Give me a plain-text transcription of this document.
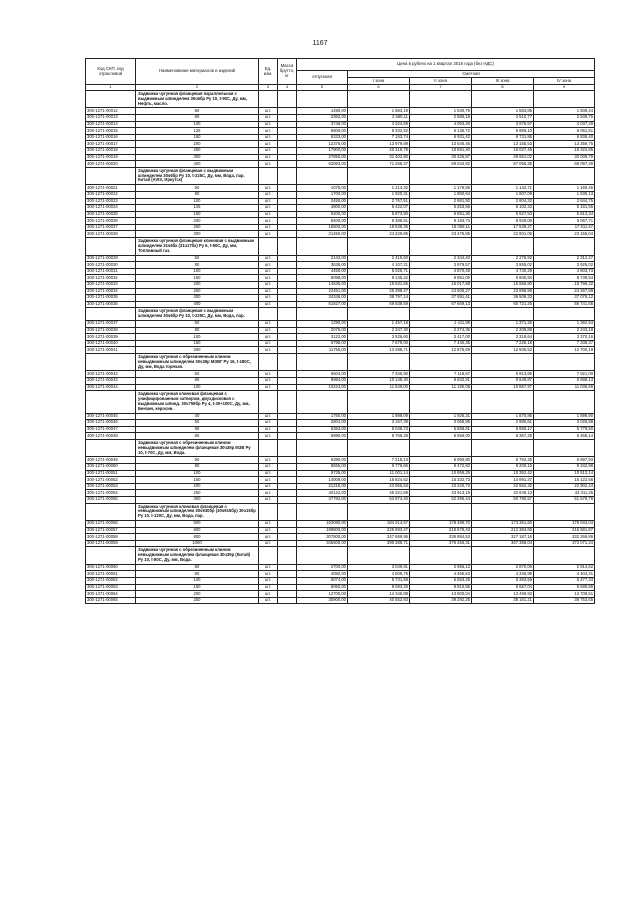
1167
Код СКП, код отраслевой	Наименование материалов и изделий	Ед. изм.	Масса брутто, кг	Цена в рублях на 1 квартал 2016 года (без НДС)				
				отпускная	Сметная			
					I зона	II зона	III зона	IV зона
1	2	3	4	5	6	7	8	9
	Задвижка чугунная фланцевая параллельная с выдвижным шпинделем 30ч6бр Ру 10, t-90С, Ду, мм, Нефть, масло.							
300-1271-00012	50	шт.		1490,00	1 683,19	1 630,79	1 583,85	1 608,44
300-1271-00013	80	шт.		2362,00	2 668,11	2 585,19	2 510,77	2 549,75
300-1271-00014	100	шт.		3746,00	4 224,69	4 093,40	3 975,57	4 037,29
300-1271-00015	125	шт.		5606,00	6 332,52	6 135,72	5 959,10	6 051,61
300-1271-00016	150	шт.		6333,00	7 153,74	6 931,42	6 731,86	6 836,40
300-1271-00017	200	шт.		12376,00	13 979,89	13 545,45	13 155,53	13 359,75
300-1271-00018	250	шт.		17900,00	20 219,79	19 591,40	19 027,45	19 322,85
300-1271-00019	300	шт.		27850,00	31 402,80	30 426,87	29 551,02	30 009,79
300-1271-00020	400	шт.		63063,00	71 266,37	69 043,82	67 056,36	68 097,39
	Задвижка чугунная фланцевая с выдвижным шпинделем 30ч6бр Ру 10, t-225С, Ду, мм, Вода, пар. Китай (AVIS, Иркутск)							
300-1271-00021	50	шт.		1075,00	1 214,32	1 176,56	1 142,71	1 160,45
300-1271-00022	80	шт.		1700,00	1 920,31	1 860,64	1 807,08	1 835,13
300-1271-00023	100	шт.		2450,00	2 767,51	2 681,50	2 604,32	2 644,75
300-1271-00024	125	шт.		4800,00	5 422,07	5 253,56	5 102,33	5 181,55
300-1271-00025	150	шт.		5200,00	5 873,90	5 691,36	5 527,53	5 613,34
300-1271-00026	200	шт.		8400,00	9 488,61	9 193,73	8 929,08	9 067,71
300-1271-00027	250	шт.		16500,00	18 638,35	18 059,11	17 539,27	17 811,57
300-1271-00028	300	шт.		21450,00	24 229,85	23 476,85	22 801,05	23 155,04
	Задвижка чугунная фланцевая клиновая с выдвижным шпинделем 31ч6бк (31ч17бк) Ру 6, t-90С, Ду, мм, Топливный газ.							
300-1271-00029	50	шт.		2142,00	2 419,60	2 344,40	2 276,92	2 312,27
300-1271-00030	80	шт.		3636,00	4 107,21	3 979,57	3 865,02	3 925,02
300-1271-00031	100	шт.		4450,00	5 026,71	4 870,49	4 730,29	4 803,73
300-1271-00032	150	шт.		8098,00	9 145,22	8 861,00	8 605,94	8 739,54
300-1271-00033	200	шт.		14635,00	16 531,65	16 017,88	15 556,80	15 798,32
300-1271-00034	250	шт.		22461,00	25 398,47	24 608,27	23 896,99	24 267,99
300-1271-00035	300	шт.		34346,00	38 797,14	37 591,41	36 509,33	37 076,12
300-1271-00036	400	шт.		61827,00	69 839,59	67 669,13	65 721,25	66 741,56
	Задвижка чугунная фланцевая с выдвижным шпинделем 30ч6бр Ру 10, t-225С, Ду, мм, Вода, пар.							
300-1271-00037	50	шт.		1290,00	1 457,18	1 411,89	1 371,25	1 392,54
300-1271-00038	80	шт.		2078,00	2 347,30	2 274,35	2 208,88	2 243,18
300-1271-00039	100	шт.		3122,00	3 526,60	3 417,00	3 318,64	3 370,16
300-1271-00040	150	шт.		6798,00	7 679,00	7 440,35	7 226,18	7 338,37
300-1271-00041	200	шт.		11755,00	13 288,71	12 875,69	12 505,53	12 700,19
	Задвижка чугунная с обрезиненным клином невыдвижным шпинделем 30ч39р МЗВГ Ру 16, t-180С, Ду, мм, Вода горячая.							
300-1271-00042	50	шт.		6504,00	7 346,90	7 118,57	6 913,66	7 021,00
300-1271-00043	80	шт.		8984,00	10 148,30	9 832,91	9 549,87	9 698,13
300-1271-00044	100	шт.		10224,00	11 549,00	11 190,08	10 867,97	11 036,69
	Задвижка чугунная клиновая фланцевая с унифицированным затвором, двухдисковая с выдвижным шпинд. 30ч706бр Ру 4, t-30+100С, Ду, мм, Бензин, керосин.							
300-1271-00045	40	шт.		1760,00	1 988,09	1 926,31	1 870,86	1 899,90
300-1271-00046	50	шт.		2804,00	3 167,39	3 068,95	2 980,61	3 026,88
300-1271-00047	65	шт.		5353,00	6 046,73	5 858,81	5 690,17	5 778,50
300-1271-00048	80	шт.		5990,00	6 766,28	6 556,00	6 367,29	6 466,14
	Задвижка чугунная с обрезиненным клином невыдвижным шпинделем фланцевая 30ч39р МЗВ Ру 10, t-70С, Ду, мм, Вода.							
300-1271-00049	50	шт.		6390,00	7 218,13	6 993,80	6 792,45	6 897,93
300-1271-00050	80	шт.		8655,00	9 776,66	9 472,82	9 200,15	9 342,98
300-1271-00051	100	шт.		9735,00	11 001,14	10 659,25	10 352,42	10 513,14
300-1271-00052	150	шт.		14009,00	15 824,52	15 332,73	14 891,37	15 122,56
300-1271-00053	200	шт.		21216,00	23 965,53	23 220,73	22 552,32	22 902,44
300-1271-00054	250	шт.		40122,00	45 321,69	43 913,19	42 649,13	43 311,25
300-1271-00055	300	шт.		47782,00	53 974,40	52 296,44	50 790,57	51 579,78
	Задвижка чугунная клиновая фланцевая с невыдвижным шпинделем 30ч930бр (30ч915бр) 30ч15бр Ру 10, t-120С, Ду, мм, Вода, пар.							
300-1271-00056	500	шт.		163080,00	184 214,67	178 489,70	173 351,60	176 043,04
300-1271-00057	600	шт.		199800,00	225 693,47	218 679,43	212 384,65	215 681,87
300-1271-00058	800	шт.		307800,00	347 689,95	336 884,53	327 187,16	332 266,86
300-1271-00059	1000	шт.		345600,00	390 388,71	378 256,31	367 368,04	373 071,34
	Задвижка чугунная с обрезиненным клином невыдвижным шпинделем фланцевая 30ч39р (Китай) Ру 10, t-80С, Ду, мм, Вода.							
300-1271-00060	50	шт.		2700,00	3 049,91	2 955,13	2 870,06	2 914,62
300-1271-00061	80	шт.		4080,00	4 608,76	4 465,53	4 336,98	4 404,31
300-1271-00062	100	шт.		5074,00	5 731,58	5 553,45	5 393,59	5 477,33
300-1271-00063	150	шт.		8050,00	9 093,26	8 810,66	8 557,04	8 689,89
300-1271-00064	200	шт.		12700,00	14 345,88	13 900,04	13 499,93	13 709,51
300-1271-00065	250	шт.		35900,00	40 552,93	39 292,25	38 161,21	38 753,65
